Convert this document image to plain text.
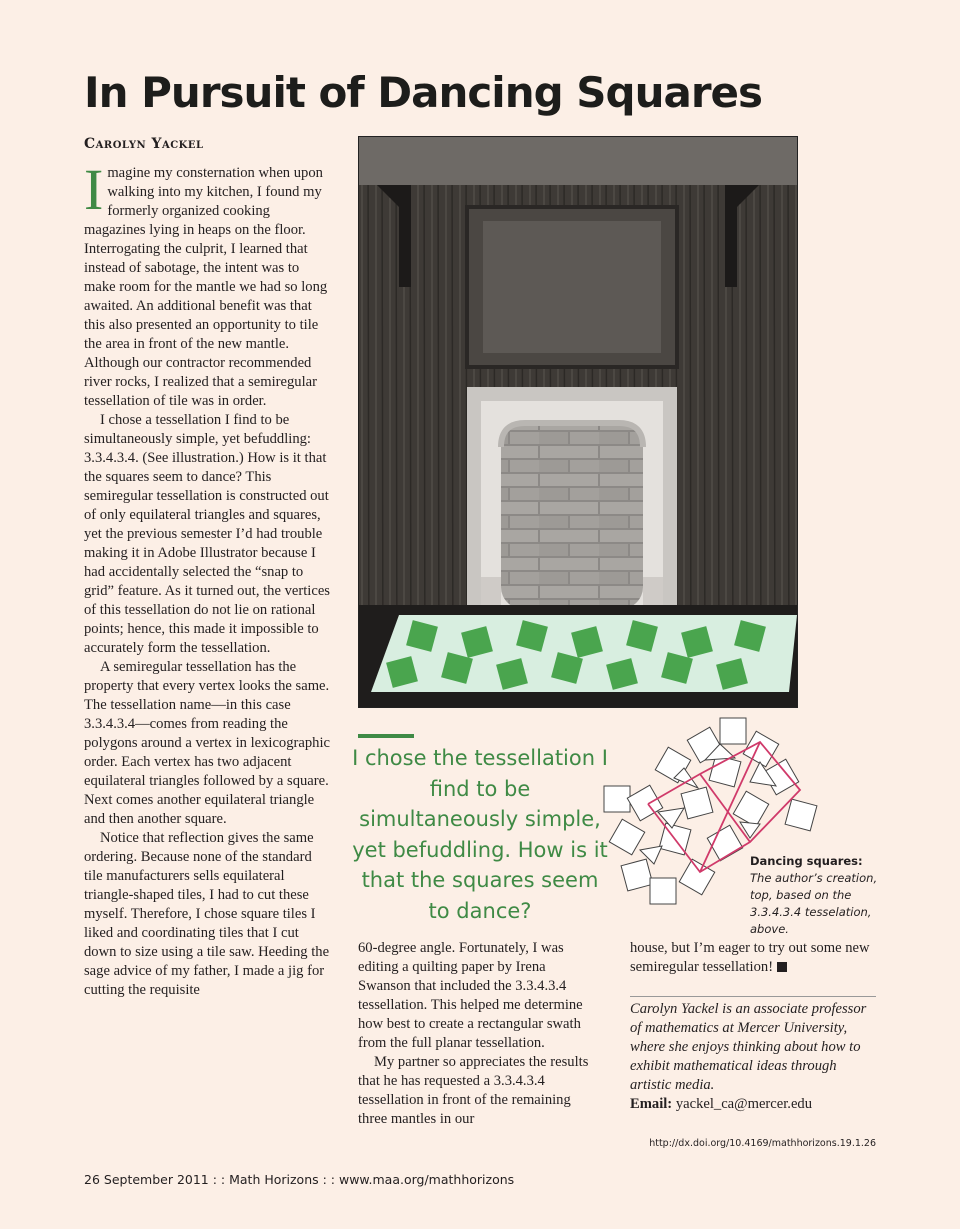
In Pursuit of Dancing Squares
Carolyn Yackel

Imagine my consternation when upon walking into my kitchen, I found my formerly organized cooking magazines lying in heaps on the floor. Interrogating the culprit, I learned that instead of sabotage, the intent was to make room for the mantle we had so long awaited. An additional benefit was that this also presented an opportunity to tile the area in front of the new mantle. Although our contractor recommended river rocks, I realized that a semiregular tessellation of tile was in order.

I chose a tessellation I find to be simultaneously simple, yet befuddling: 3.3.4.3.4. (See illustration.) How is it that the squares seem to dance? This semiregular tessellation is constructed out of only equilateral triangles and squares, yet the previous semester I’d had trouble making it in Adobe Illustrator because I had accidentally selected the “snap to grid” feature. As it turned out, the vertices of this tessellation do not lie on rational points; hence, this made it impossible to accurately form the tessellation.

A semiregular tessellation has the property that every vertex looks the same. The tessellation name—in this case 3.3.4.3.4—comes from reading the polygons around a vertex in lexicographic order. Each vertex has two adjacent equilateral triangles followed by a square. Next comes another equilateral triangle and then another square.

Notice that reflection gives the same ordering. Because none of the standard tile manufacturers sells equilateral triangle-shaped tiles, I had to cut these myself. Therefore, I chose square tiles I liked and coordinating tiles that I cut down to size using a tile saw. Heeding the sage advice of my father, I made a jig for cutting the requisite

I chose the tessellation I find to be simultaneously simple, yet befuddling. How is it that the squares seem to dance?
Dancing squares: The author’s creation, top, based on the 3.3.4.3.4 tesselation, above.

60-degree angle. Fortunately, I was editing a quilting paper by Irena Swanson that included the 3.3.4.3.4 tessellation. This helped me determine how best to create a rectangular swath from the full planar tessellation.

My partner so appreciates the results that he has requested a 3.3.4.3.4 tessellation in front of the remaining three mantles in our

house, but I’m eager to try out some new semiregular tessellation!

Carolyn Yackel is an associate professor of mathematics at Mercer University, where she enjoys thinking about how to exhibit mathematical ideas through artistic media.
Email: yackel_ca@mercer.edu
http://dx.doi.org/10.4169/mathhorizons.19.1.26
26 September 2011 : : Math Horizons : : www.maa.org/mathhorizons
